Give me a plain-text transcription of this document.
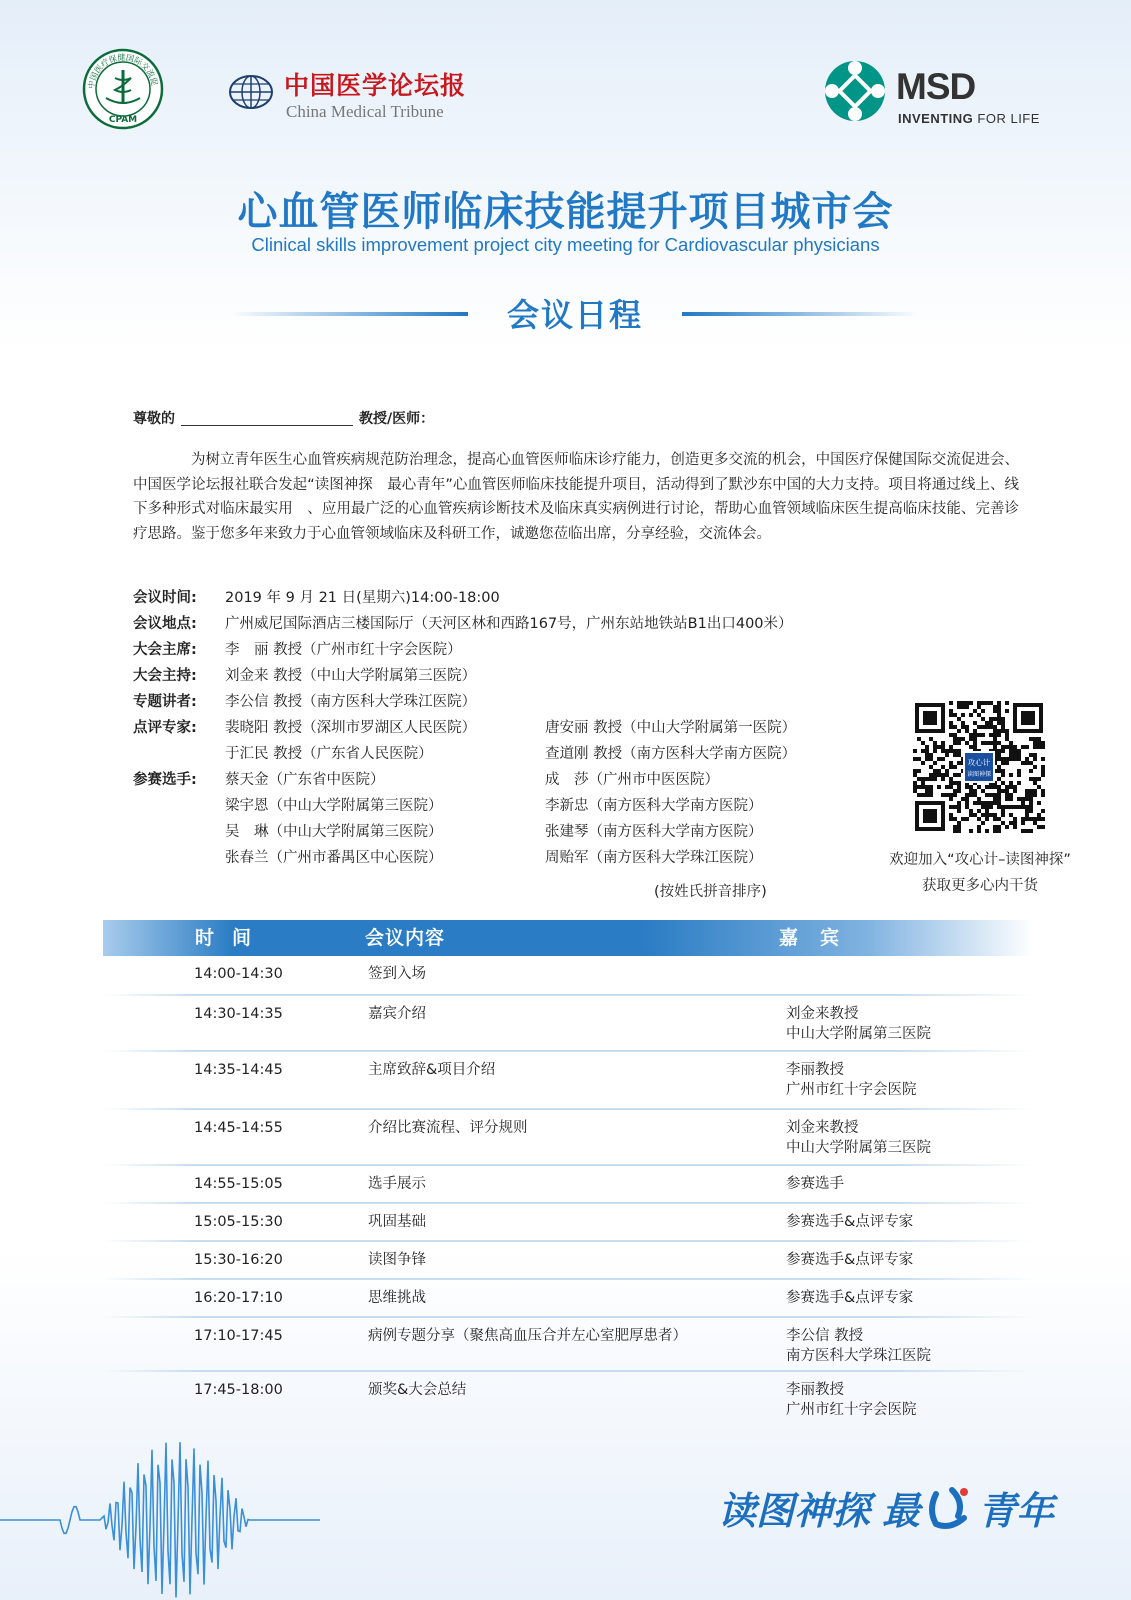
中国医疗保健国际交流促
CPAM
中国医学论坛报
China Medical Tribune
MSD
INVENTING FOR LIFE
心血管医师临床技能提升项目城市会
Clinical skills improvement project city meeting for Cardiovascular physicians
会议日程
尊敬的	教授/医师：
为树立青年医生心血管疾病规范防治理念，提高心血管医师临床诊疗能力，创造更多交流的机会，中国医疗保健国际交流促进会、中国医学论坛报社联合发起“读图神探　最心青年”心血管医师临床技能提升项目，活动得到了默沙东中国的大力支持。项目将通过线上、线下多种形式对临床最实用　、应用最广泛的心血管疾病诊断技术及临床真实病例进行讨论，帮助心血管领域临床医生提高临床技能、完善诊疗思路。鉴于您多年来致力于心血管领域临床及科研工作，诚邀您莅临出席，分享经验，交流体会。
会议时间: 2019 年 9 月 21 日(星期六)14:00-18:00
会议地点: 广州威尼国际酒店三楼国际厅（天河区林和西路167号，广州东站地铁站B1出口400米）
大会主席: 李　丽 教授（广州市红十字会医院）
大会主持: 刘金来 教授（中山大学附属第三医院）
专题讲者: 李公信 教授（南方医科大学珠江医院）
点评专家: 裴晓阳 教授（深圳市罗湖区人民医院）	唐安丽 教授（中山大学附属第一医院）
于汇民 教授（广东省人民医院）	查道刚 教授（南方医科大学南方医院）
参赛选手: 蔡天金（广东省中医院）	成　莎（广州市中医医院）
梁宇恩（中山大学附属第三医院）	李新忠（南方医科大学南方医院）
吴　琳（中山大学附属第三医院）	张建琴（南方医科大学南方医院）
张春兰（广州市番禺区中心医院）	周贻军（南方医科大学珠江医院）
(按姓氏拼音排序)
攻心计
读图神探
欢迎加入“攻心计–读图神探”
获取更多心内干货
时间	会议内容	嘉宾
14:00-14:30	签到入场

14:30-14:35	嘉宾介绍	刘金来教授
中山大学附属第三医院
14:35-14:45	主席致辞&项目介绍	李丽教授
广州市红十字会医院
14:45-14:55	介绍比赛流程、评分规则	刘金来教授
中山大学附属第三医院
14:55-15:05	选手展示	参赛选手
15:05-15:30	巩固基础	参赛选手&点评专家
15:30-16:20	读图争锋	参赛选手&点评专家
16:20-17:10	思维挑战	参赛选手&点评专家
17:10-17:45	病例专题分享（聚焦高血压合并左心室肥厚患者）	李公信 教授
南方医科大学珠江医院
17:45-18:00	颁奖&大会总结	李丽教授
广州市红十字会医院
读图神探 最 青年
